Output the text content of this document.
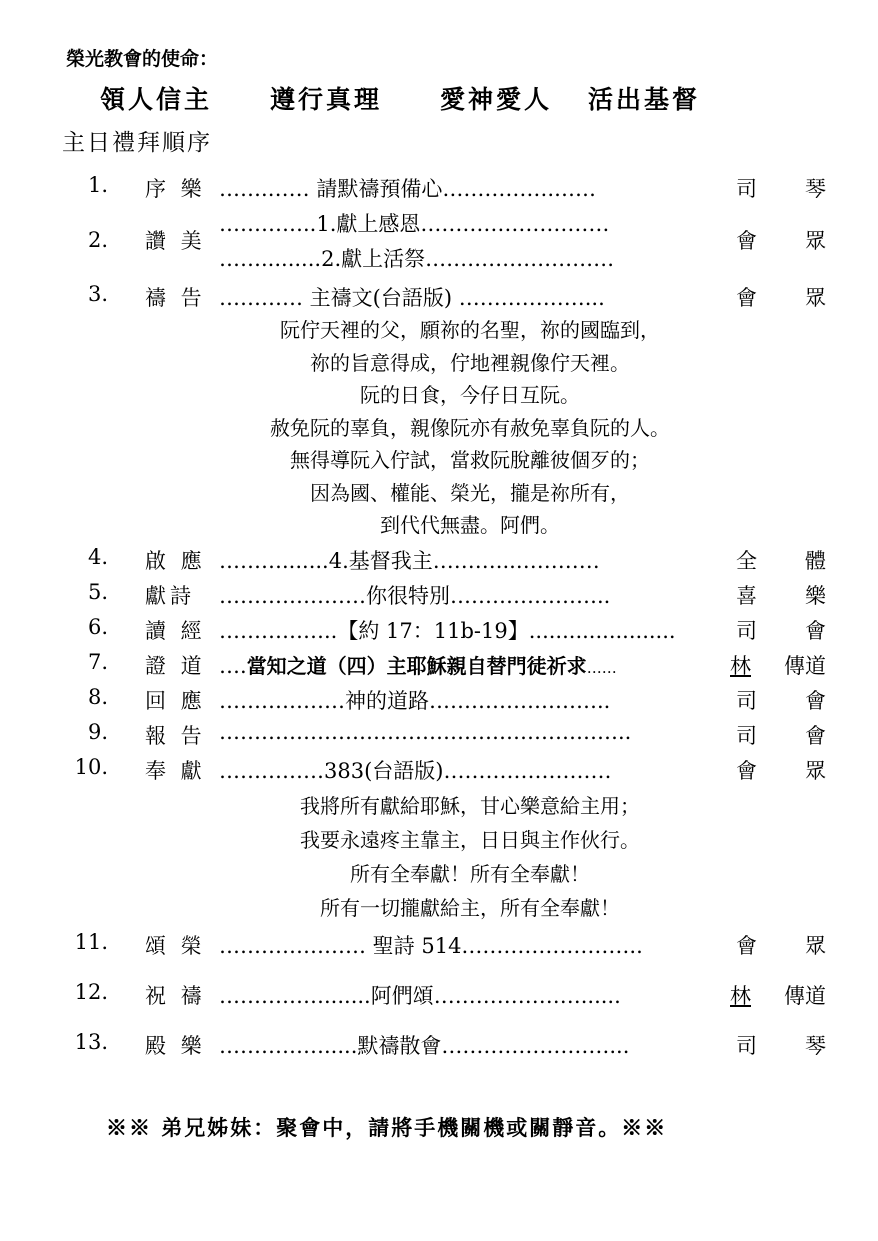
榮光教會的使命：
領人信主 遵行真理 愛神愛人 活出基督
主日禮拜順序
1. 序 樂 …….…… 請默禱預備心…………….……	司 琴
2. 讚 美
…………..1.獻上感恩………………………
…….........2.獻上活祭………………………
會 眾
3. 禱 告 ………… 主禱文(台語版) ………………...	會 眾
阮佇天裡的父，願祢的名聖，祢的國臨到，
祢的旨意得成，佇地裡親像佇天裡。
阮的日食，今仔日互阮。
赦免阮的辜負，親像阮亦有赦免辜負阮的人。
無得導阮入佇試，當救阮脫離彼個歹的；
因為國、權能、榮光，攏是祢所有，
到代代無盡。阿們。
4. 啟 應 ……….......4.基督我主………...…………	全 體
5. 獻詩 …………………你很特別…………………..	喜 樂
6. 讀 經 ……………..【約 17：11b-19】......................	司 會
7. 證 道 ….當知之道（四）主耶穌親自替門徒祈求……	林 傳道
8. 回 應 ………………神的道路……………………..	司 會
9. 報 告 …………………………………………………..	司 會
10. 奉 獻 ……………383(台語版)……………………	會 眾
我將所有獻給耶穌，甘心樂意給主用；
我要永遠疼主靠主，日日與主作伙行。
所有全奉獻！所有全奉獻！
所有一切攏獻給主，所有全奉獻！
11. 頌 榮 ………………… 聖詩 514……………………..	會 眾
12. 祝 禱 …………….......阿們頌…………………......	林 傳道
13. 殿 樂 …………….....默禱散會……………………...	司 琴
※※ 弟兄姊妹：聚會中，請將手機關機或關靜音。※※
